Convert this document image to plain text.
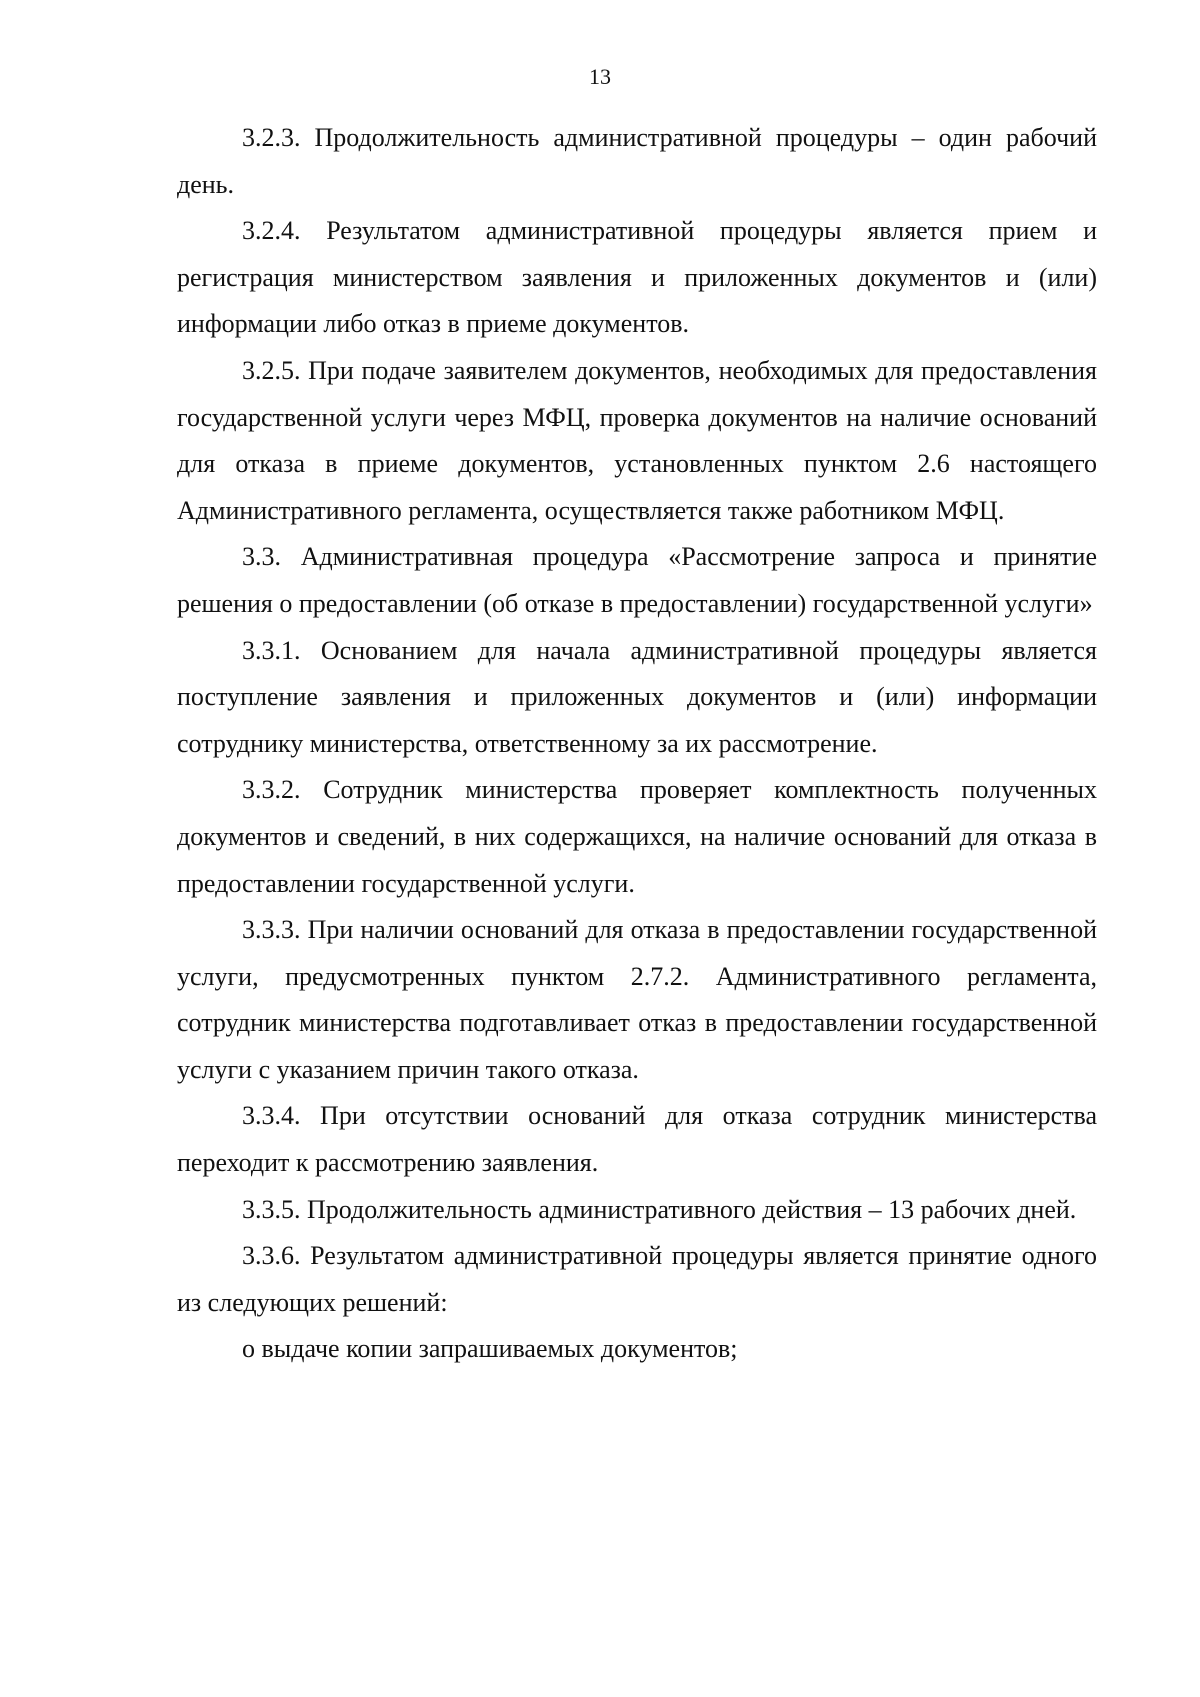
13

3.2.3. Продолжительность административной процедуры – один рабочий день.

3.2.4. Результатом административной процедуры является прием и регистрация министерством заявления и приложенных документов и (или) информации либо отказ в приеме документов.

3.2.5. При подаче заявителем документов, необходимых для предоставления государственной услуги через МФЦ, проверка документов на наличие оснований для отказа в приеме документов, установленных пунктом 2.6 настоящего Административного регламента, осуществляется также работником МФЦ.

3.3. Административная процедура «Рассмотрение запроса и принятие решения о предоставлении (об отказе в предоставлении) государственной услуги»

3.3.1. Основанием для начала административной процедуры является поступление заявления и приложенных документов и (или) информации сотруднику министерства, ответственному за их рассмотрение.

3.3.2. Сотрудник министерства проверяет комплектность полученных документов и сведений, в них содержащихся, на наличие оснований для отказа в предоставлении государственной услуги.

3.3.3. При наличии оснований для отказа в предоставлении государственной услуги, предусмотренных пунктом 2.7.2. Административного регламента, сотрудник министерства подготавливает отказ в предоставлении государственной услуги с указанием причин такого отказа.

3.3.4. При отсутствии оснований для отказа сотрудник министерства переходит к рассмотрению заявления.

3.3.5. Продолжительность административного действия – 13 рабочих дней.

3.3.6. Результатом административной процедуры является принятие одного из следующих решений:

о выдаче копии запрашиваемых документов;
